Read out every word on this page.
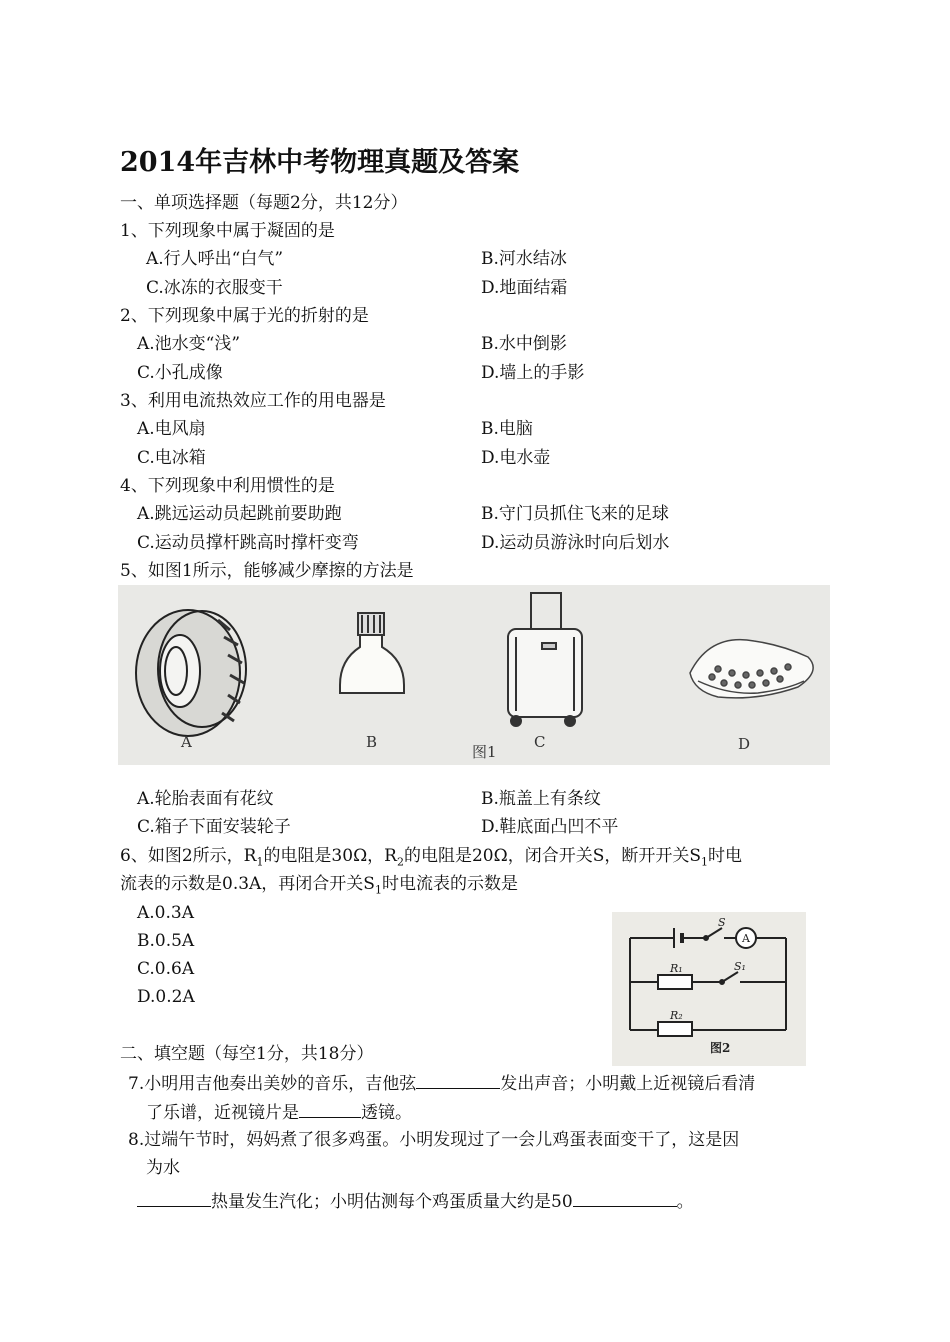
2014年吉林中考物理真题及答案
一、单项选择题（每题2分，共12分）
1、下列现象中属于凝固的是
A.行人呼出“白气”	B.河水结冰
C.冰冻的衣服变干	D.地面结霜
2、下列现象中属于光的折射的是
A.池水变“浅”	B.水中倒影
C.小孔成像	D.墙上的手影
3、利用电流热效应工作的用电器是
A.电风扇	B.电脑
C.电冰箱	D.电水壶
4、下列现象中利用惯性的是
A.跳远运动员起跳前要助跑	B.守门员抓住飞来的足球
C.运动员撑杆跳高时撑杆变弯	D.运动员游泳时向后划水
5、如图1所示，能够减少摩擦的方法是
A	B	C	D
图1
A.轮胎表面有花纹	B.瓶盖上有条纹
C.箱子下面安装轮子	D.鞋底面凸凹不平
6、如图2所示，$R_1$的电阻是30Ω，$R_2$的电阻是20Ω，闭合开关S，断开开关$S_1$时电
流表的示数是0.3A，再闭合开关$S_1$时电流表的示数是
A.0.3A
B.0.5A
C.0.6A
D.0.2A
S
A
S₁
R₁
R₂
图2
二、填空题（每空1分，共18分）
7.小明用吉他奏出美妙的音乐，吉他弦	发出声音；小明戴上近视镜后看清
了乐谱，近视镜片是	透镜。
8.过端午节时，妈妈煮了很多鸡蛋。小明发现过了一会儿鸡蛋表面变干了，这是因
为水
热量发生汽化；小明估测每个鸡蛋质量大约是50	。
